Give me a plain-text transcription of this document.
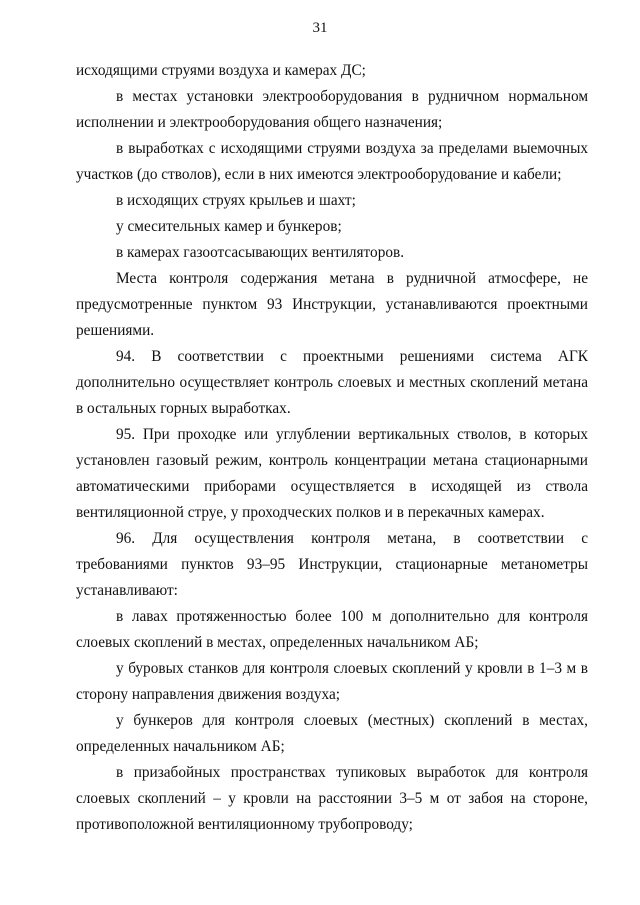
31

исходящими струями воздуха и камерах ДС;

в местах установки электрооборудования в рудничном нормальном исполнении и электрооборудования общего назначения;

в выработках с исходящими струями воздуха за пределами выемочных участков (до стволов), если в них имеются электрооборудование и кабели;

в исходящих струях крыльев и шахт;

у смесительных камер и бункеров;

в камерах газоотсасывающих вентиляторов.

Места контроля содержания метана в рудничной атмосфере, не предусмотренные пунктом 93 Инструкции, устанавливаются проектными решениями.

94. В соответствии с проектными решениями система АГК дополнительно осуществляет контроль слоевых и местных скоплений метана в остальных горных выработках.

95. При проходке или углублении вертикальных стволов, в которых установлен газовый режим, контроль концентрации метана стационарными автоматическими приборами осуществляется в исходящей из ствола вентиляционной струе, у проходческих полков и в перекачных камерах.

96. Для осуществления контроля метана, в соответствии с требованиями пунктов 93–95 Инструкции, стационарные метанометры устанавливают:

в лавах протяженностью более 100 м дополнительно для контроля слоевых скоплений в местах, определенных начальником АБ;

у буровых станков для контроля слоевых скоплений у кровли в 1–3 м в сторону направления движения воздуха;

у бункеров для контроля слоевых (местных) скоплений в местах, определенных начальником АБ;

в призабойных пространствах тупиковых выработок для контроля слоевых скоплений – у кровли на расстоянии 3–5 м от забоя на стороне, противоположной вентиляционному трубопроводу;
